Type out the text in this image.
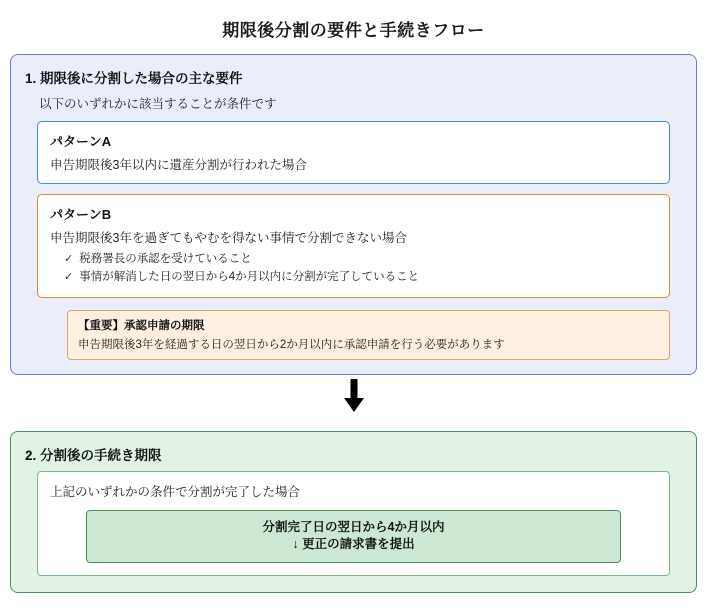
期限後分割の要件と手続きフロー
1. 期限後に分割した場合の主な要件
以下のいずれかに該当することが条件です
パターンA
申告期限後3年以内に遺産分割が行われた場合
パターンB
申告期限後3年を過ぎてもやむを得ない事情で分割できない場合
✓ 税務署長の承認を受けていること
✓ 事情が解消した日の翌日から4か月以内に分割が完了していること
【重要】承認申請の期限
申告期限後3年を経過する日の翌日から2か月以内に承認申請を行う必要があります
2. 分割後の手続き期限
上記のいずれかの条件で分割が完了した場合
分割完了日の翌日から4か月以内
↓ 更正の請求書を提出
